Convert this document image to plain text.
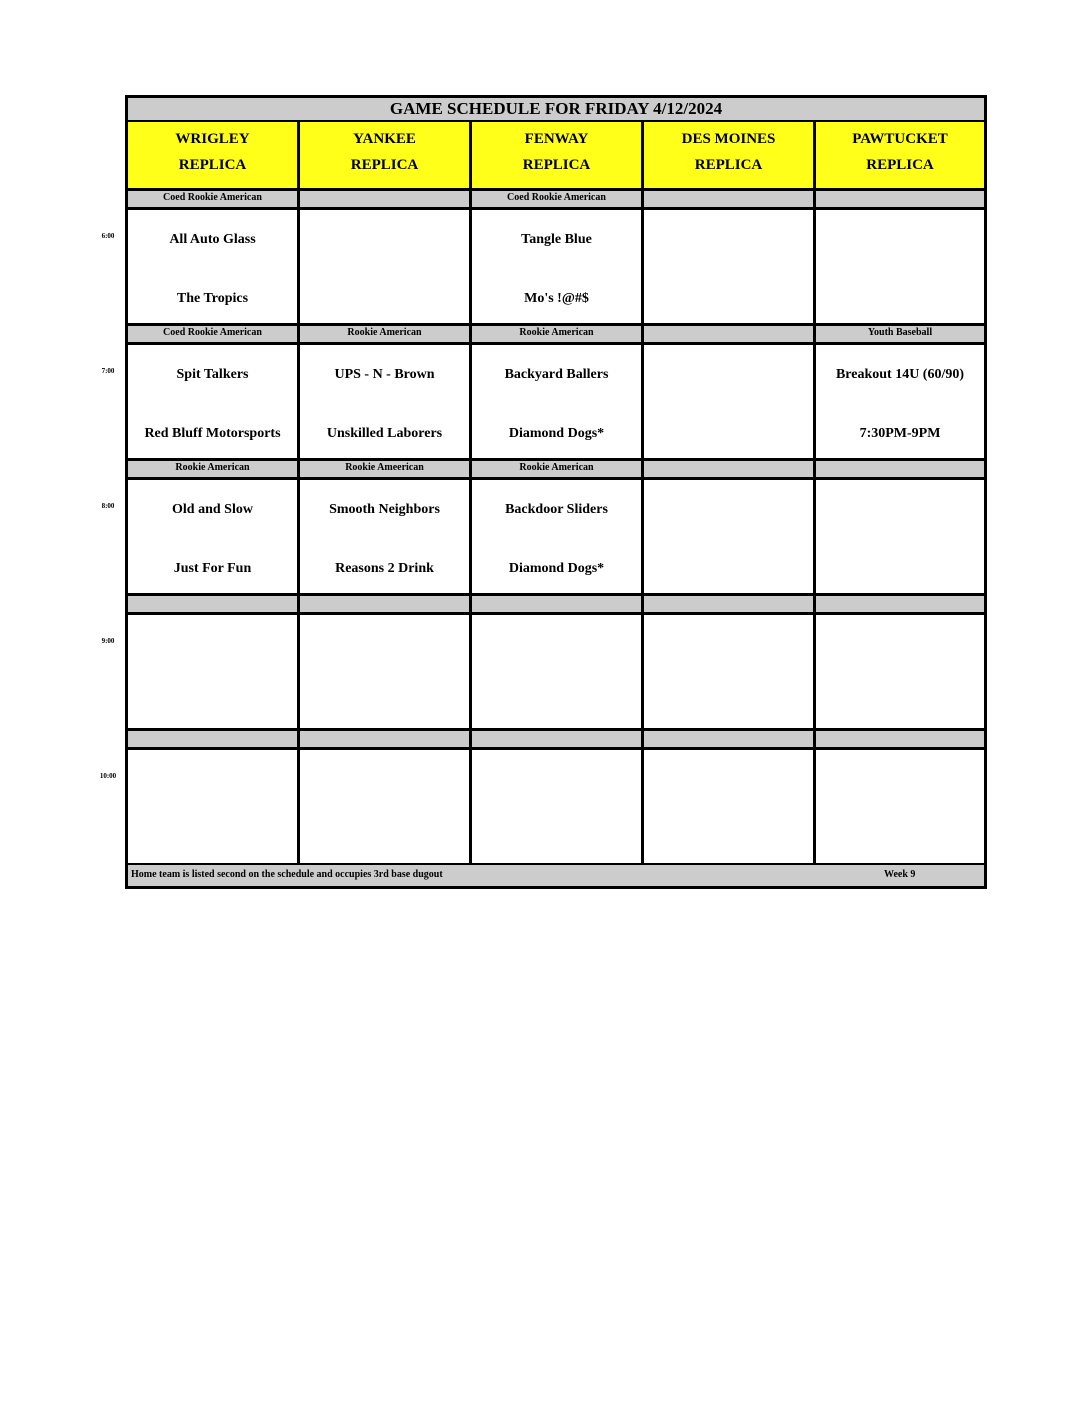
GAME SCHEDULE FOR FRIDAY 4/12/2024
WRIGLEY
REPLICA
YANKEE
REPLICA
FENWAY
REPLICA
DES MOINES
REPLICA
PAWTUCKET
REPLICA
Coed Rookie American
All Auto Glass
The Tropics
Coed Rookie American
Tangle Blue
Mo's !@#$
Coed Rookie American
Spit Talkers
Red Bluff Motorsports
Rookie American
UPS - N - Brown
Unskilled Laborers
Rookie American
Backyard Ballers
Diamond Dogs*
Youth Baseball
Breakout 14U (60/90)
7:30PM-9PM
Rookie American
Old and Slow
Just For Fun
Rookie Ameerican
Smooth Neighbors
Reasons 2 Drink
Rookie American
Backdoor Sliders
Diamond Dogs*
Home team is listed second on the schedule and occupies 3rd base dugout	Week 9
6:00
7:00
8:00
9:00
10:00
